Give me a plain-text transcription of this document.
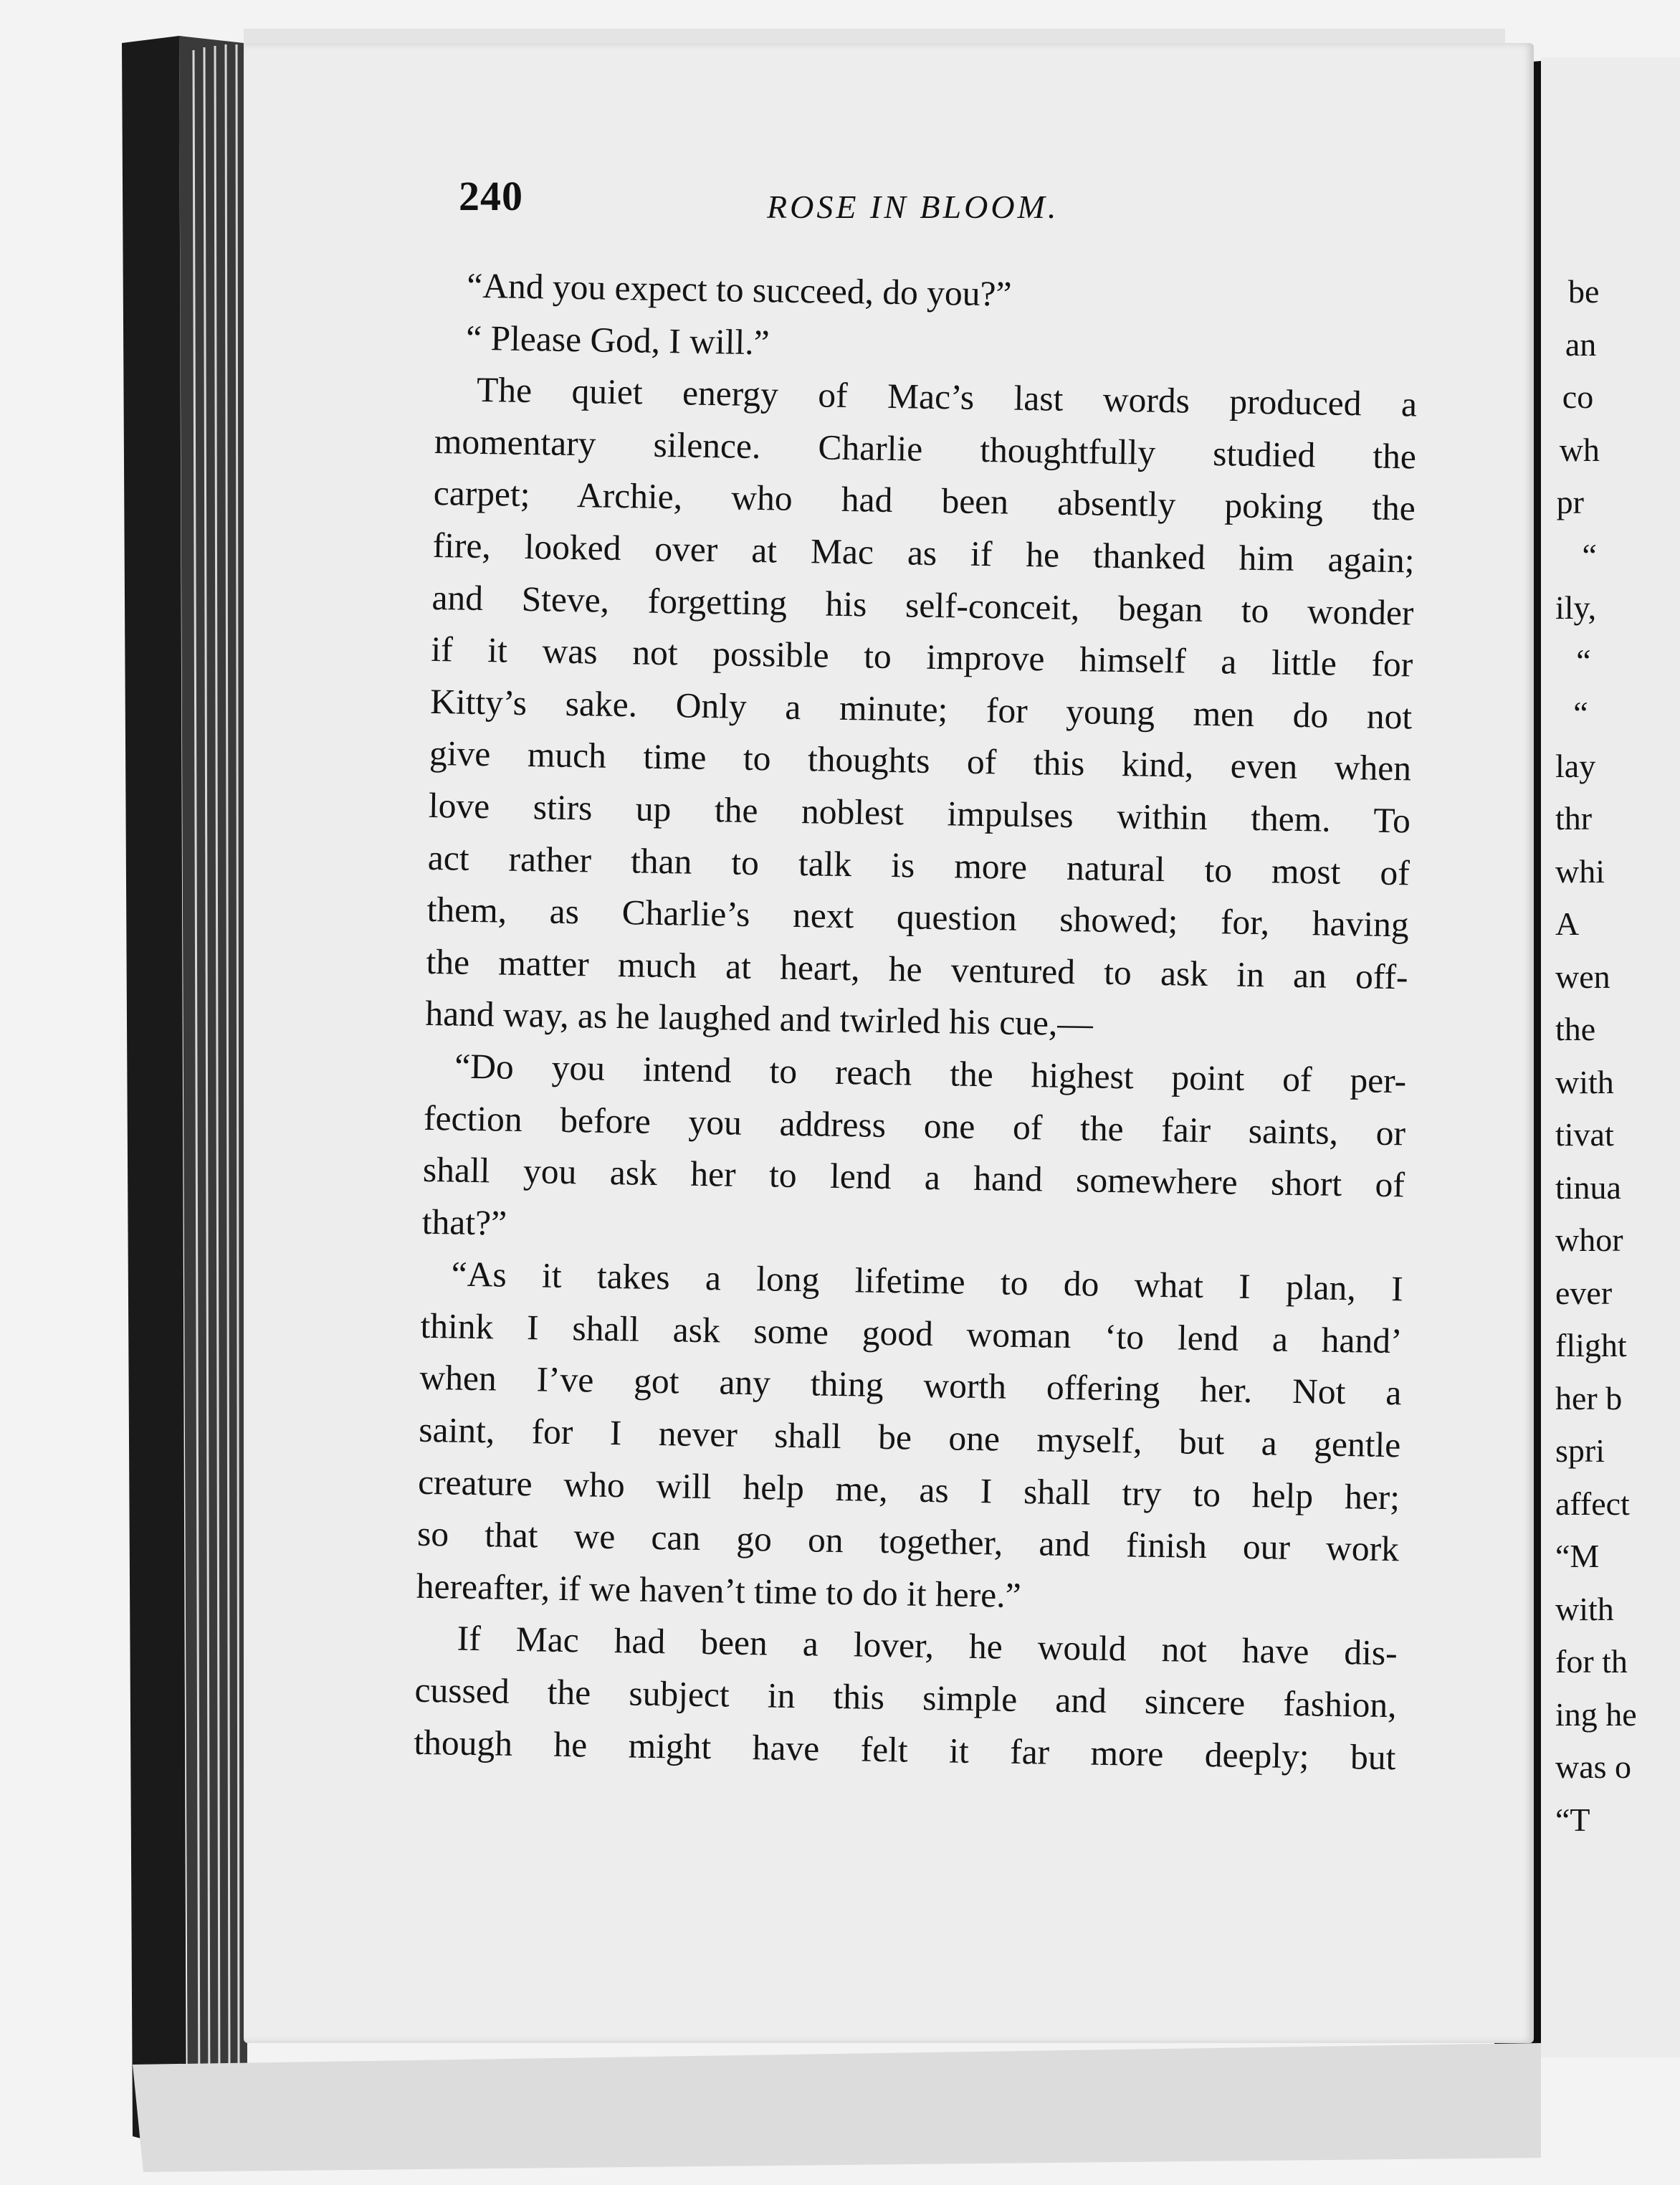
240	ROSE IN BLOOM.
“And you expect to succeed, do you?”
“ Please God, I will.”
The quiet energy of Mac’s last words produced a
momentary silence. Charlie thoughtfully studied the
carpet; Archie, who had been absently poking the
fire, looked over at Mac as if he thanked him again;
and Steve, forgetting his self-conceit, began to wonder
if it was not possible to improve himself a little for
Kitty’s sake. Only a minute; for young men do not
give much time to thoughts of this kind, even when
love stirs up the noblest impulses within them. To
act rather than to talk is more natural to most of
them, as Charlie’s next question showed; for, having
the matter much at heart, he ventured to ask in an off-
hand way, as he laughed and twirled his cue,—
“Do you intend to reach the highest point of per-
fection before you address one of the fair saints, or
shall you ask her to lend a hand somewhere short of
that?”
“As it takes a long lifetime to do what I plan, I
think I shall ask some good woman ‘to lend a hand’
when I’ve got any thing worth offering her. Not a
saint, for I never shall be one myself, but a gentle
creature who will help me, as I shall try to help her;
so that we can go on together, and finish our work
hereafter, if we haven’t time to do it here.”
If Mac had been a lover, he would not have dis-
cussed the subject in this simple and sincere fashion,
though he might have felt it far more deeply; but
be
an
co
wh
pr
“
ily,
“
“
lay
thr
whi
A
wen
the
with
tivat
tinua
whor
ever
flight
her b
spri
affect
“M
with
for th
ing he
was o
“T
